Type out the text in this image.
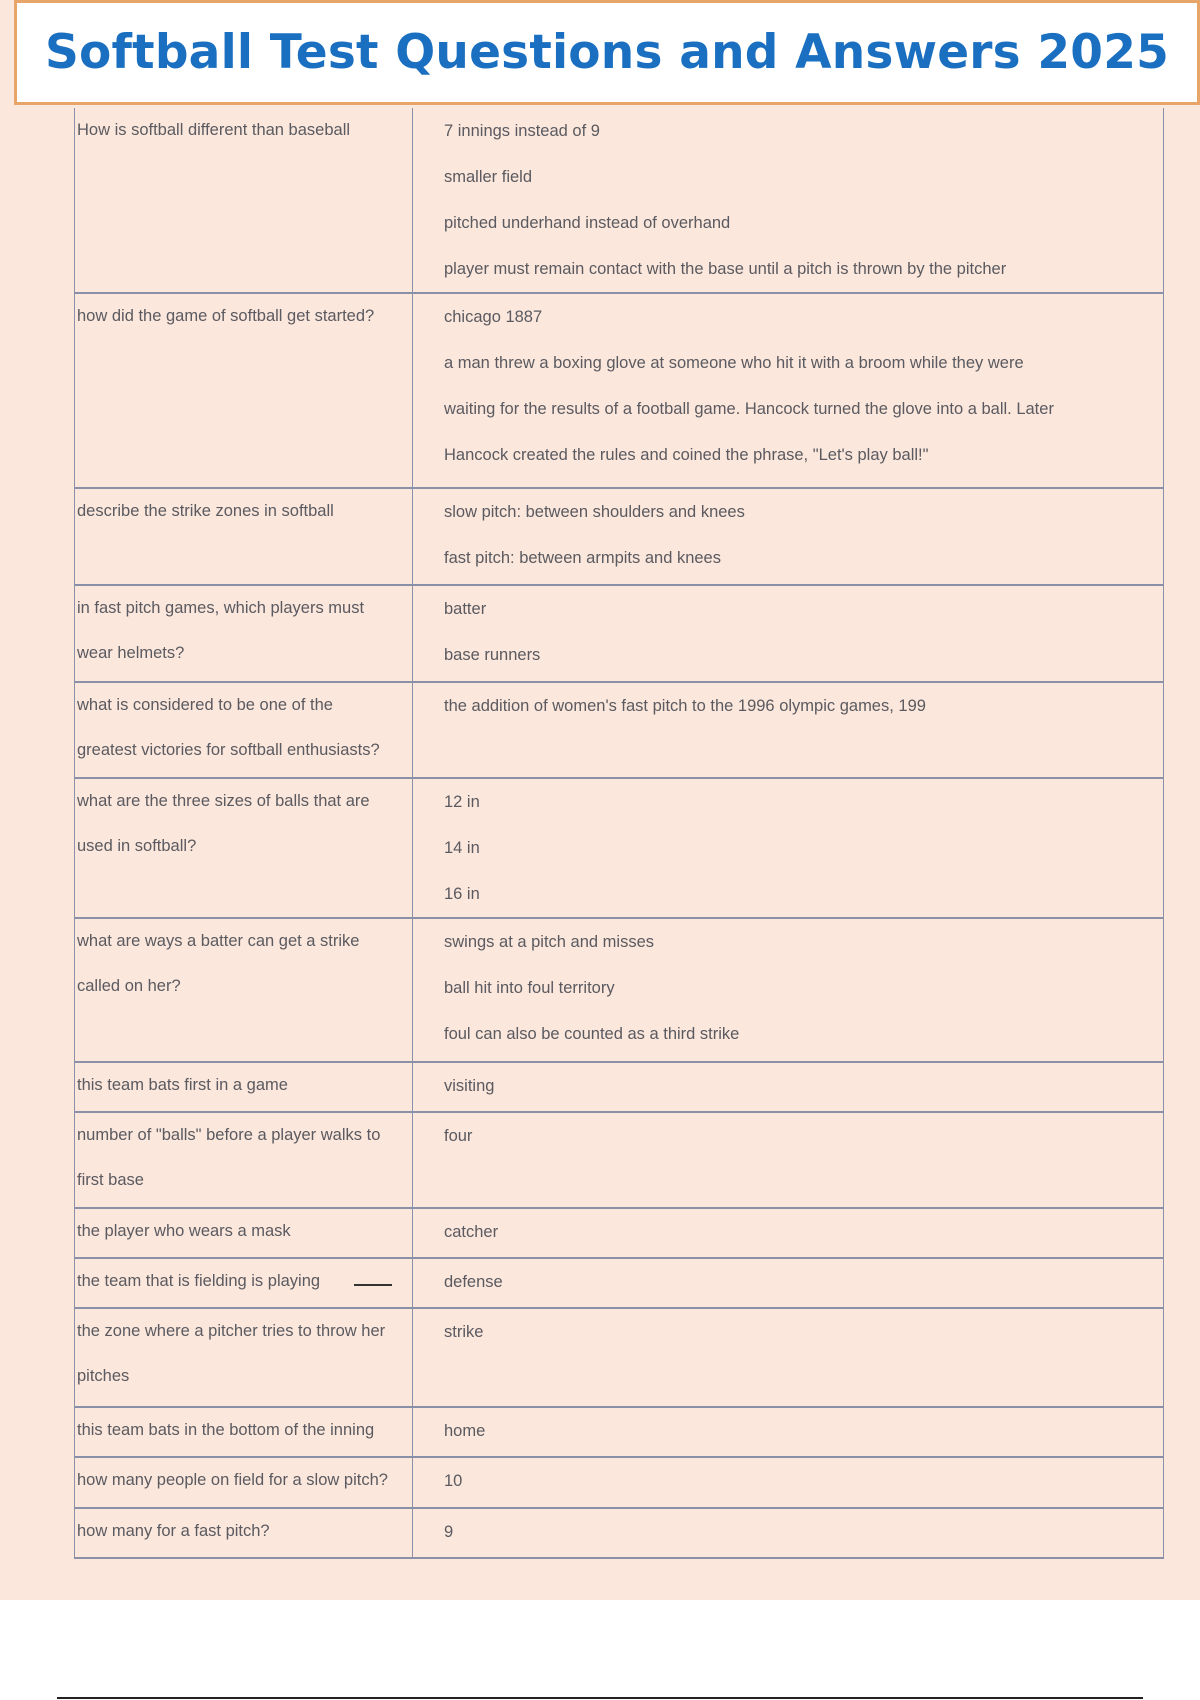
Softball Test Questions and Answers 2025
How is softball different than baseball	7 innings instead of 9
smaller field
pitched underhand instead of overhand
player must remain contact with the base until a pitch is thrown by the pitcher

how did the game of softball get started?	chicago 1887
a man threw a boxing glove at someone who hit it with a broom while they were
waiting for the results of a football game. Hancock turned the glove into a ball. Later
Hancock created the rules and coined the phrase, "Let's play ball!"

describe the strike zones in softball	slow pitch: between shoulders and knees
fast pitch: between armpits and knees

in fast pitch games, which players must wear helmets?	batter
base runners

what is considered to be one of the greatest victories for softball enthusiasts?	the addition of women's fast pitch to the 1996 olympic games, 199

what are the three sizes of balls that are used in softball?	12 in
14 in
16 in

what are ways a batter can get a strike called on her?	swings at a pitch and misses
ball hit into foul territory
foul can also be counted as a third strike

this team bats first in a game	visiting

number of "balls" before a player walks to first base	four

the player who wears a mask	catcher

the team that is fielding is playing	defense

the zone where a pitcher tries to throw her pitches	strike

this team bats in the bottom of the inning	home

how many people on field for a slow pitch?	10

how many for a fast pitch?	9
